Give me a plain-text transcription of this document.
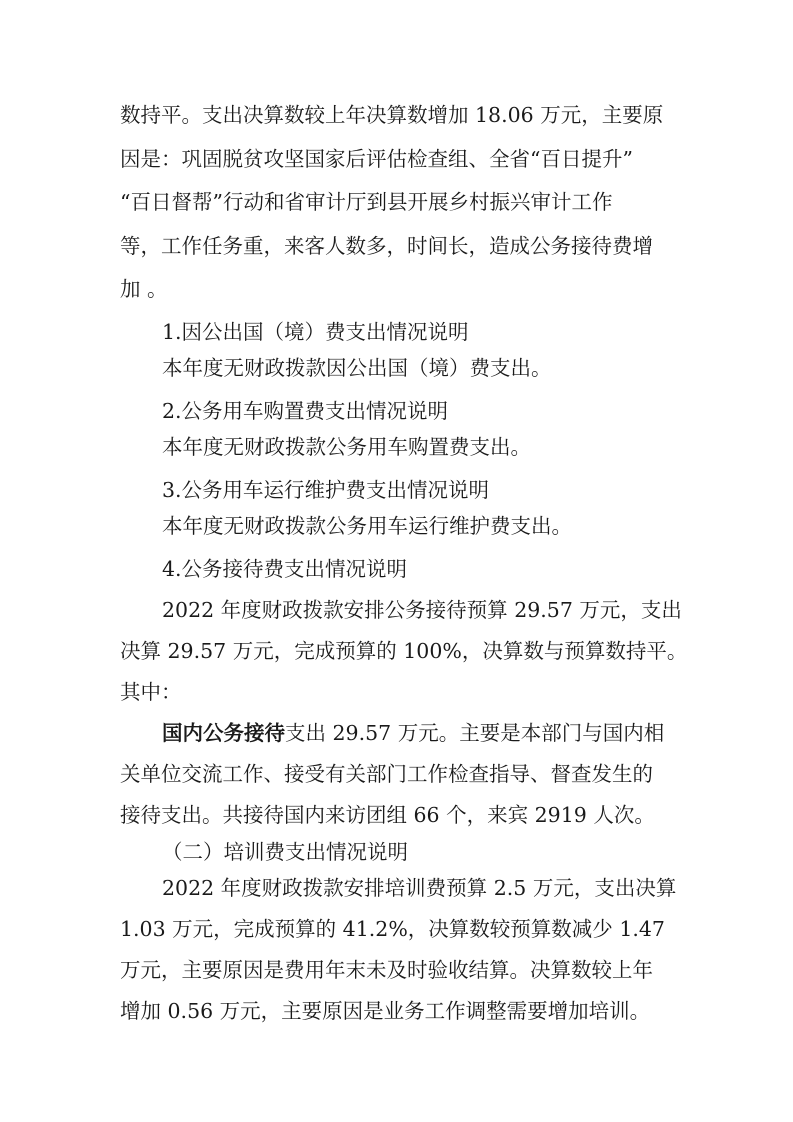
数持平。支出决算数较上年决算数增加 18.06 万元，主要原
因是：巩固脱贫攻坚国家后评估检查组、全省“百日提升”
“百日督帮”行动和省审计厅到县开展乡村振兴审计工作
等，工作任务重，来客人数多，时间长，造成公务接待费增
加 。
1.因公出国（境）费支出情况说明
本年度无财政拨款因公出国（境）费支出。
2.公务用车购置费支出情况说明
本年度无财政拨款公务用车购置费支出。
3.公务用车运行维护费支出情况说明
本年度无财政拨款公务用车运行维护费支出。
4.公务接待费支出情况说明
2022 年度财政拨款安排公务接待预算 29.57 万元，支出
决算 29.57 万元，完成预算的 100%，决算数与预算数持平。
其中：
国内公务接待支出 29.57 万元。主要是本部门与国内相
关单位交流工作、接受有关部门工作检查指导、督查发生的
接待支出。共接待国内来访团组 66 个，来宾 2919 人次。
（二）培训费支出情况说明
2022 年度财政拨款安排培训费预算 2.5 万元，支出决算
1.03 万元，完成预算的 41.2%，决算数较预算数减少 1.47
万元，主要原因是费用年末未及时验收结算。决算数较上年
增加 0.56 万元，主要原因是业务工作调整需要增加培训。
